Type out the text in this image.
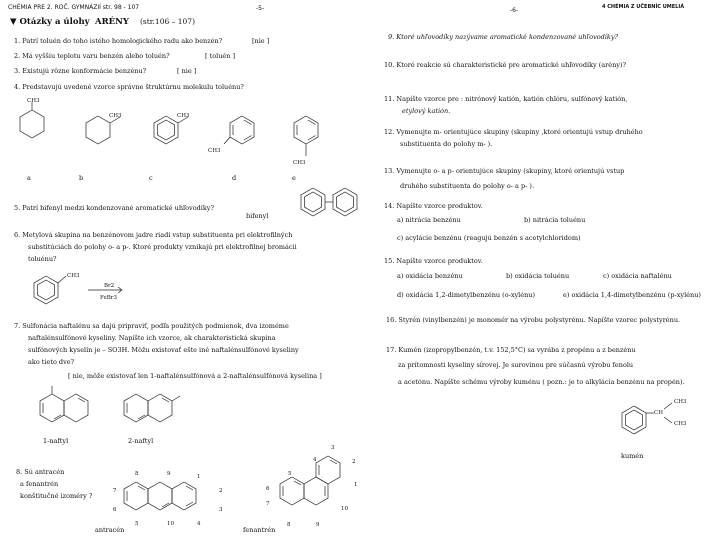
CHÉMIA PRE 2. ROČ. GYMNÁZIÍ str. 98 - 107	-5-
▼ Otázky a úlohy ARÉNY (str.106 – 107)
1. Patrí toluén do toho istého homologického radu ako benzén?	[nie ]
2. Má vyššiu teplotu varu benzén alebo toluén?	[ toluén ]
3. Existujú rôzne konformácie benzénu?	[ nie ]
4. Predstavujú uvedené vzorce správne štruktúrnu molekulu toluénu?
CH3
CH3	CH3
CH3
CH3
a	b	c	d	e
5. Patrí bifenyl medzi kondenzované aromatické uhľovodíky?
bifenyl
6. Metylová skupina na benzénovom jadre riadi vstup substituenta pri elektrofilných
substitúciách do polohy o- a p-. Ktoré produkty vznikajú pri elektrofilnej bromácii
toluénu?
CH3
Br2
FeBr3
7. Sulfonácia naftalénu sa dajú pripraviť, podľa použitých podmienok, dva izoméme
naftalénsulfónové kyseliny. Napíšte ich vzorce, ak charakteristická skupina
sulfónových kyselín je – SO3H. Môžu existovať ešte iné naftalénsulfónové kyseliny
ako tieto dve?
[ nie, môže existovať len 1-naftalénsulfónová a 2-naftalénsulfónová kyselina ]
1-naftyl	2-naftyl
8. Sú antracén
a fenantrén
konštitučné izoméry ?
8	9	1
2
3
4
10
5
6
7
antracén
3
4	2
1
5
6
7
8	9
10
fenantrén
-6-	4 CHÉMIA Z UČEBNÍC UMELIÁ
9. Ktoré uhľovodíky nazývame aromatické kondenzované uhľovodíky?
10. Ktoré reakcie sú charakteristické pre aromatické uhľovodíky (arény)?
11. Napíšte vzorce pre : nitrónový katión, katión chlóru, sulfónový katión,
etylový katión.
12. Vymenujte m- orientujúce skupiny (skupiny ,ktoré orientujú vstup druhého
substituenta do polohy m- ).
13. Vymenujte o- a p- orientujúce skupiny (skupiny, ktoré orientujú vstup
druhého substituenta do polohy o- a p- ).
14. Napíšte vzorce produktov.
a) nitrácia benzénu	b) nitrácia toluénu
c) acylácie benzénu (reagujú benzén s acetylchloridom)
15. Napíšte vzorce produktov.
a) oxidácia benzénu	b) oxidácia toluénu	c) oxidácia naftalénu
d) oxidácia 1,2-dimetylbenzénu (o-xylénu)	e) oxidácia 1,4-dimetylbenzénu (p-xylénu)
16. Styrén (vinylbenzén) je monomér na výrobu polystyrénu. Napíšte vzorec polystyrénu.
17. Kumén (izopropylbenzén, t.v. 152,5°C) sa vyrába z propénu a z benzénu
za prítomnosti kyseliny sírovej. Je surovinou pre súčasnú výrobu fenolu
a acetónu. Napíšte schému výroby kuménu ( pozn.: je to alkylácia benzénu na propén).
CH
CH3
CH3
kumén
